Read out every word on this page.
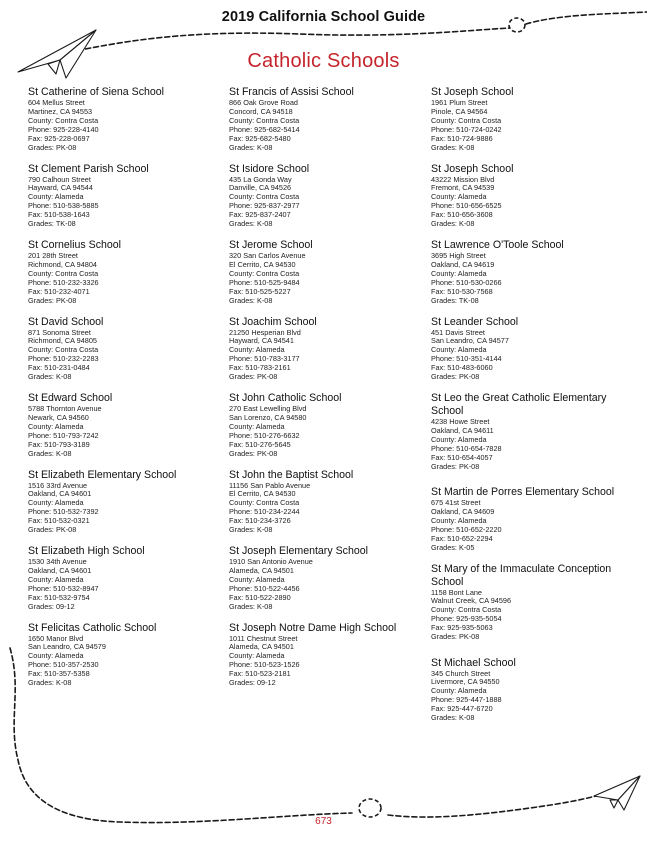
2019 California School Guide
Catholic Schools
St Catherine of Siena School
604 Mellus Street
Martinez, CA 94553
County: Contra Costa
Phone: 925-228-4140
Fax: 925-228-0697
Grades: PK-08
St Clement Parish School
790 Calhoun Street
Hayward, CA 94544
County: Alameda
Phone: 510-538-5885
Fax: 510-538-1643
Grades: TK-08
St Cornelius School
201 28th Street
Richmond, CA 94804
County: Contra Costa
Phone: 510-232-3326
Fax: 510-232-4071
Grades: PK-08
St David School
871 Sonoma Street
Richmond, CA 94805
County: Contra Costa
Phone: 510-232-2283
Fax: 510-231-0484
Grades: K-08
St Edward School
5788 Thornton Avenue
Newark, CA 94560
County: Alameda
Phone: 510-793-7242
Fax: 510-793-3189
Grades: K-08
St Elizabeth Elementary School
1516 33rd Avenue
Oakland, CA 94601
County: Alameda
Phone: 510-532-7392
Fax: 510-532-0321
Grades: PK-08
St Elizabeth High School
1530 34th Avenue
Oakland, CA 94601
County: Alameda
Phone: 510-532-8947
Fax: 510-532-9754
Grades: 09-12
St Felicitas Catholic School
1650 Manor Blvd
San Leandro, CA 94579
County: Alameda
Phone: 510-357-2530
Fax: 510-357-5358
Grades: K-08
St Francis of Assisi School
866 Oak Grove Road
Concord, CA 94518
County: Contra Costa
Phone: 925-682-5414
Fax: 925-682-5480
Grades: K-08
St Isidore School
435 La Gonda Way
Danville, CA 94526
County: Contra Costa
Phone: 925-837-2977
Fax: 925-837-2407
Grades: K-08
St Jerome School
320 San Carlos Avenue
El Cerrito, CA 94530
County: Contra Costa
Phone: 510-525-9484
Fax: 510-525-5227
Grades: K-08
St Joachim School
21250 Hesperian Blvd
Hayward, CA 94541
County: Alameda
Phone: 510-783-3177
Fax: 510-783-2161
Grades: PK-08
St John Catholic School
270 East Lewelling Blvd
San Lorenzo, CA 94580
County: Alameda
Phone: 510-276-6632
Fax: 510-276-5645
Grades: PK-08
St John the Baptist School
11156 San Pablo Avenue
El Cerrito, CA 94530
County: Contra Costa
Phone: 510-234-2244
Fax: 510-234-3726
Grades: K-08
St Joseph Elementary School
1910 San Antonio Avenue
Alameda, CA 94501
County: Alameda
Phone: 510-522-4456
Fax: 510-522-2890
Grades: K-08
St Joseph Notre Dame High School
1011 Chestnut Street
Alameda, CA 94501
County: Alameda
Phone: 510-523-1526
Fax: 510-523-2181
Grades: 09-12
St Joseph School
1961 Plum Street
Pinole, CA 94564
County: Contra Costa
Phone: 510-724-0242
Fax: 510-724-9886
Grades: K-08
St Joseph School
43222 Mission Blvd
Fremont, CA 94539
County: Alameda
Phone: 510-656-6525
Fax: 510-656-3608
Grades: K-08
St Lawrence O'Toole School
3695 High Street
Oakland, CA 94619
County: Alameda
Phone: 510-530-0266
Fax: 510-530-7568
Grades: TK-08
St Leander School
451 Davis Street
San Leandro, CA 94577
County: Alameda
Phone: 510-351-4144
Fax: 510-483-6060
Grades: PK-08
St Leo the Great Catholic Elementary School
4238 Howe Street
Oakland, CA 94611
County: Alameda
Phone: 510-654-7828
Fax: 510-654-4057
Grades: PK-08
St Martin de Porres Elementary School
675 41st Street
Oakland, CA 94609
County: Alameda
Phone: 510-652-2220
Fax: 510-652-2294
Grades: K-05
St Mary of the Immaculate Conception School
1158 Bont Lane
Walnut Creek, CA 94596
County: Contra Costa
Phone: 925-935-5054
Fax: 925-935-5063
Grades: PK-08
St Michael School
345 Church Street
Livermore, CA 94550
County: Alameda
Phone: 925-447-1888
Fax: 925-447-6720
Grades: K-08
673
